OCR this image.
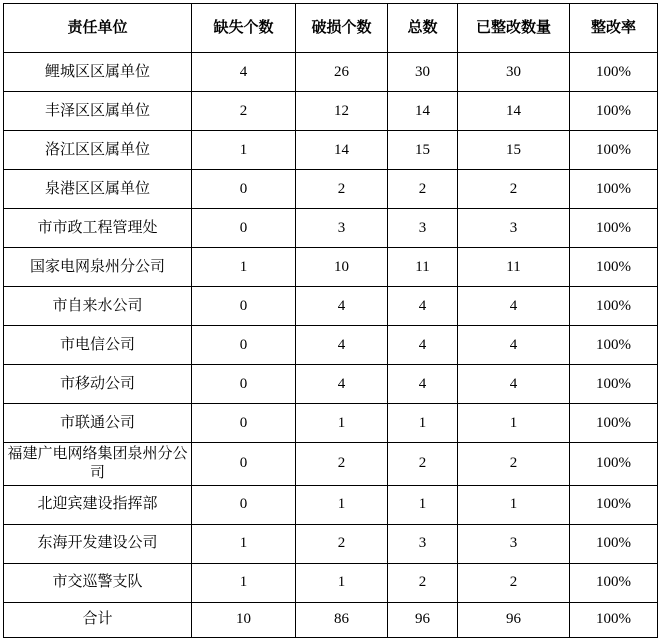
责任单位	缺失个数	破损个数	总数	已整改数量	整改率
鲤城区区属单位	4	26	30	30	100%
丰泽区区属单位	2	12	14	14	100%
洛江区区属单位	1	14	15	15	100%
泉港区区属单位	0	2	2	2	100%
市市政工程管理处	0	3	3	3	100%
国家电网泉州分公司	1	10	11	11	100%
市自来水公司	0	4	4	4	100%
市电信公司	0	4	4	4	100%
市移动公司	0	4	4	4	100%
市联通公司	0	1	1	1	100%
福建广电网络集团泉州分公司	0	2	2	2	100%
北迎宾建设指挥部	0	1	1	1	100%
东海开发建设公司	1	2	3	3	100%
市交巡警支队	1	1	2	2	100%
合计	10	86	96	96	100%
